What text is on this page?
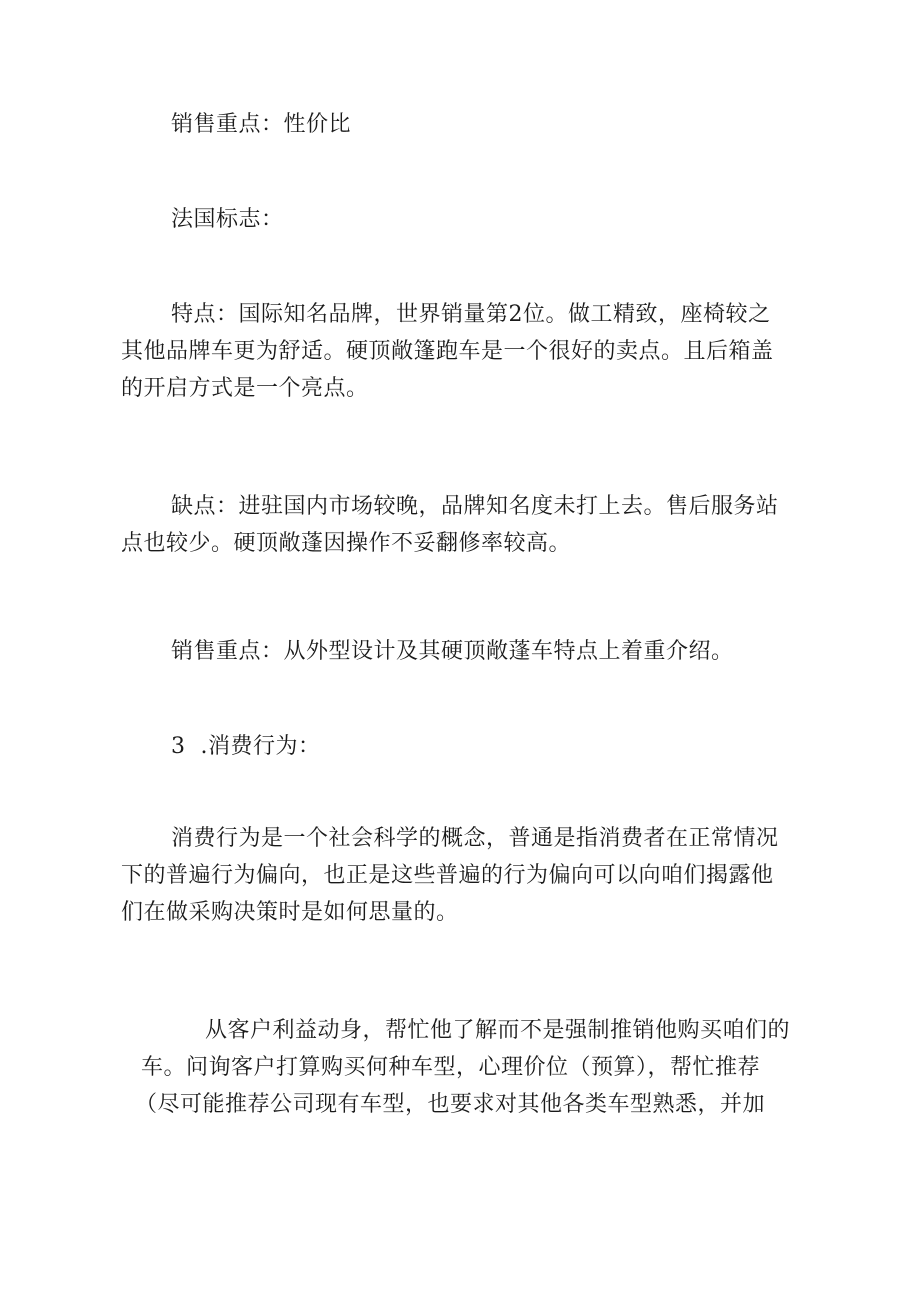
销售重点：性价比

法国标志：

特点：国际知名品牌，世界销量第2位。做工精致，座椅较之
其他品牌车更为舒适。硬顶敞篷跑车是一个很好的卖点。且后箱盖
的开启方式是一个亮点。

缺点：进驻国内市场较晚，品牌知名度未打上去。售后服务站
点也较少。硬顶敞蓬因操作不妥翻修率较高。

销售重点：从外型设计及其硬顶敞蓬车特点上着重介绍。

3  .消费行为：

消费行为是一个社会科学的概念，普通是指消费者在正常情况
下的普遍行为偏向，也正是这些普遍的行为偏向可以向咱们揭露他
们在做采购决策时是如何思量的。

从客户利益动身，帮忙他了解而不是强制推销他购买咱们的
车。问询客户打算购买何种车型，心理价位（预算），帮忙推荐
（尽可能推荐公司现有车型，也要求对其他各类车型熟悉，并加
